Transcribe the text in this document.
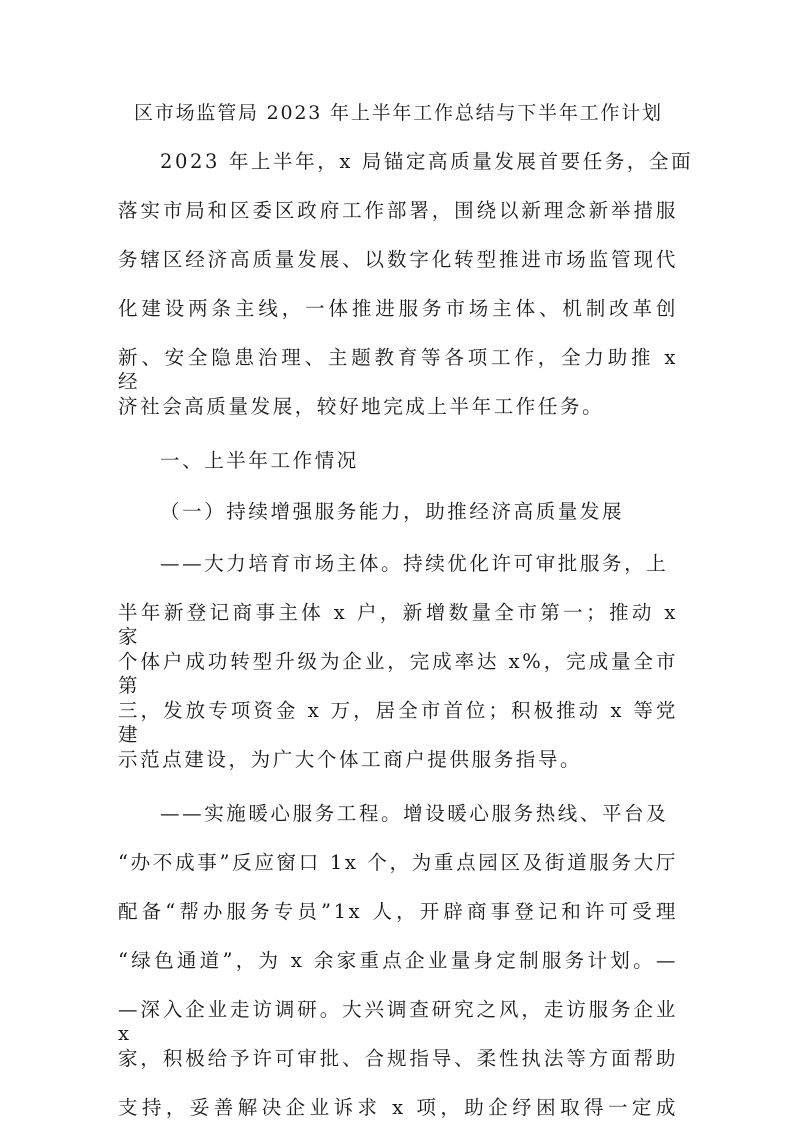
区市场监管局 2023 年上半年工作总结与下半年工作计划
2023 年上半年，x 局锚定高质量发展首要任务，全面
落实市局和区委区政府工作部署，围绕以新理念新举措服
务辖区经济高质量发展、以数字化转型推进市场监管现代
化建设两条主线，一体推进服务市场主体、机制改革创
新、安全隐患治理、主题教育等各项工作，全力助推 x 经
济社会高质量发展，较好地完成上半年工作任务。
一、上半年工作情况
（一）持续增强服务能力，助推经济高质量发展
——大力培育市场主体。持续优化许可审批服务，上
半年新登记商事主体 x 户，新增数量全市第一；推动 x 家
个体户成功转型升级为企业，完成率达 x%，完成量全市第
三，发放专项资金 x 万，居全市首位；积极推动 x 等党建
示范点建设，为广大个体工商户提供服务指导。
——实施暖心服务工程。增设暖心服务热线、平台及
“办不成事”反应窗口 1x 个，为重点园区及街道服务大厅
配备“帮办服务专员”1x 人，开辟商事登记和许可受理
“绿色通道”，为 x 余家重点企业量身定制服务计划。—
—深入企业走访调研。大兴调查研究之风，走访服务企业 x
家，积极给予许可审批、合规指导、柔性执法等方面帮助
支持，妥善解决企业诉求 x 项，助企纾困取得一定成
